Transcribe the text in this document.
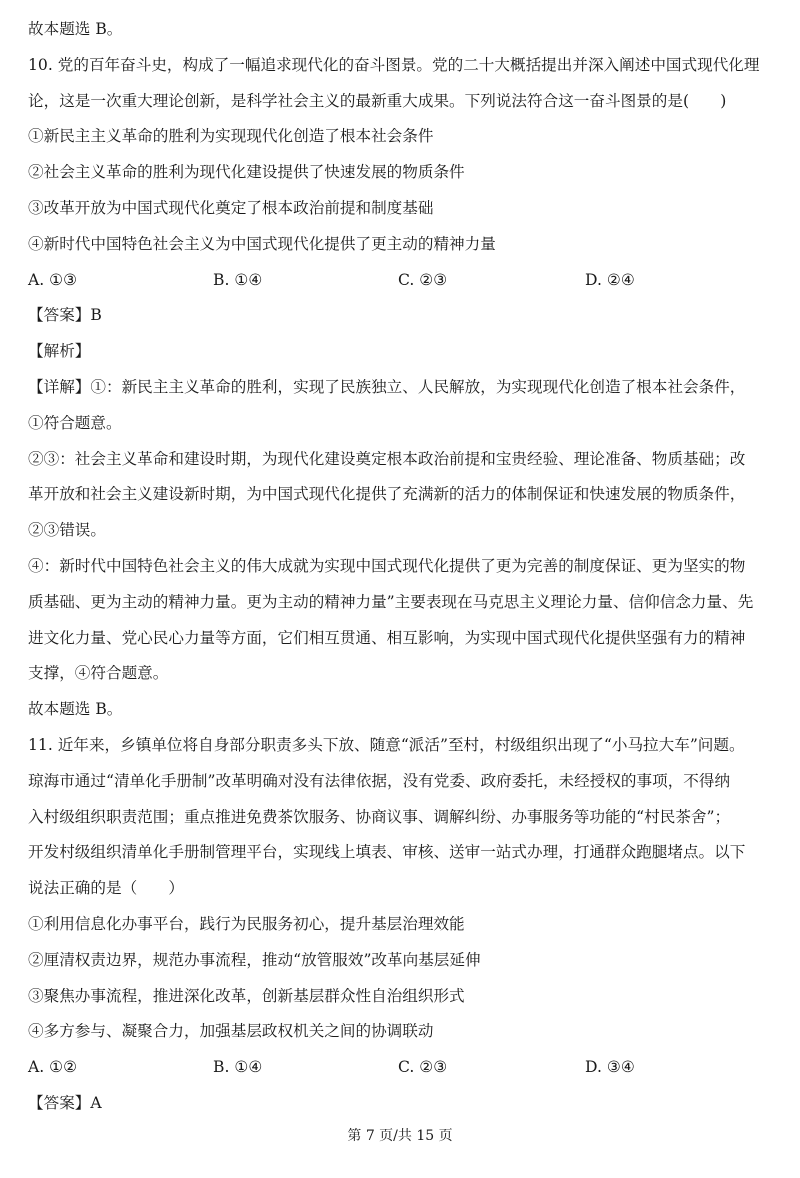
故本题选 B。
10. 党的百年奋斗史，构成了一幅追求现代化的奋斗图景。党的二十大概括提出并深入阐述中国式现代化理
论，这是一次重大理论创新，是科学社会主义的最新重大成果。下列说法符合这一奋斗图景的是(　　)
①新民主主义革命的胜利为实现现代化创造了根本社会条件
②社会主义革命的胜利为现代化建设提供了快速发展的物质条件
③改革开放为中国式现代化奠定了根本政治前提和制度基础
④新时代中国特色社会主义为中国式现代化提供了更主动的精神力量
A. ①③	B. ①④	C. ②③	D. ②④
【答案】B
【解析】
【详解】①：新民主主义革命的胜利，实现了民族独立、人民解放，为实现现代化创造了根本社会条件，
①符合题意。
②③：社会主义革命和建设时期，为现代化建设奠定根本政治前提和宝贵经验、理论准备、物质基础；改
革开放和社会主义建设新时期，为中国式现代化提供了充满新的活力的体制保证和快速发展的物质条件，
②③错误。
④：新时代中国特色社会主义的伟大成就为实现中国式现代化提供了更为完善的制度保证、更为坚实的物
质基础、更为主动的精神力量。更为主动的精神力量”主要表现在马克思主义理论力量、信仰信念力量、先
进文化力量、党心民心力量等方面，它们相互贯通、相互影响，为实现中国式现代化提供坚强有力的精神
支撑，④符合题意。
故本题选 B。
11. 近年来，乡镇单位将自身部分职责多头下放、随意“派活”至村，村级组织出现了“小马拉大车”问题。
琼海市通过“清单化手册制”改革明确对没有法律依据，没有党委、政府委托，未经授权的事项，不得纳
入村级组织职责范围；重点推进免费茶饮服务、协商议事、调解纠纷、办事服务等功能的“村民茶舍”；
开发村级组织清单化手册制管理平台，实现线上填表、审核、送审一站式办理，打通群众跑腿堵点。以下
说法正确的是（　　）
①利用信息化办事平台，践行为民服务初心，提升基层治理效能
②厘清权责边界，规范办事流程，推动“放管服效”改革向基层延伸
③聚焦办事流程，推进深化改革，创新基层群众性自治组织形式
④多方参与、凝聚合力，加强基层政权机关之间的协调联动
A. ①②	B. ①④	C. ②③	D. ③④
【答案】A
第 7 页/共 15 页
